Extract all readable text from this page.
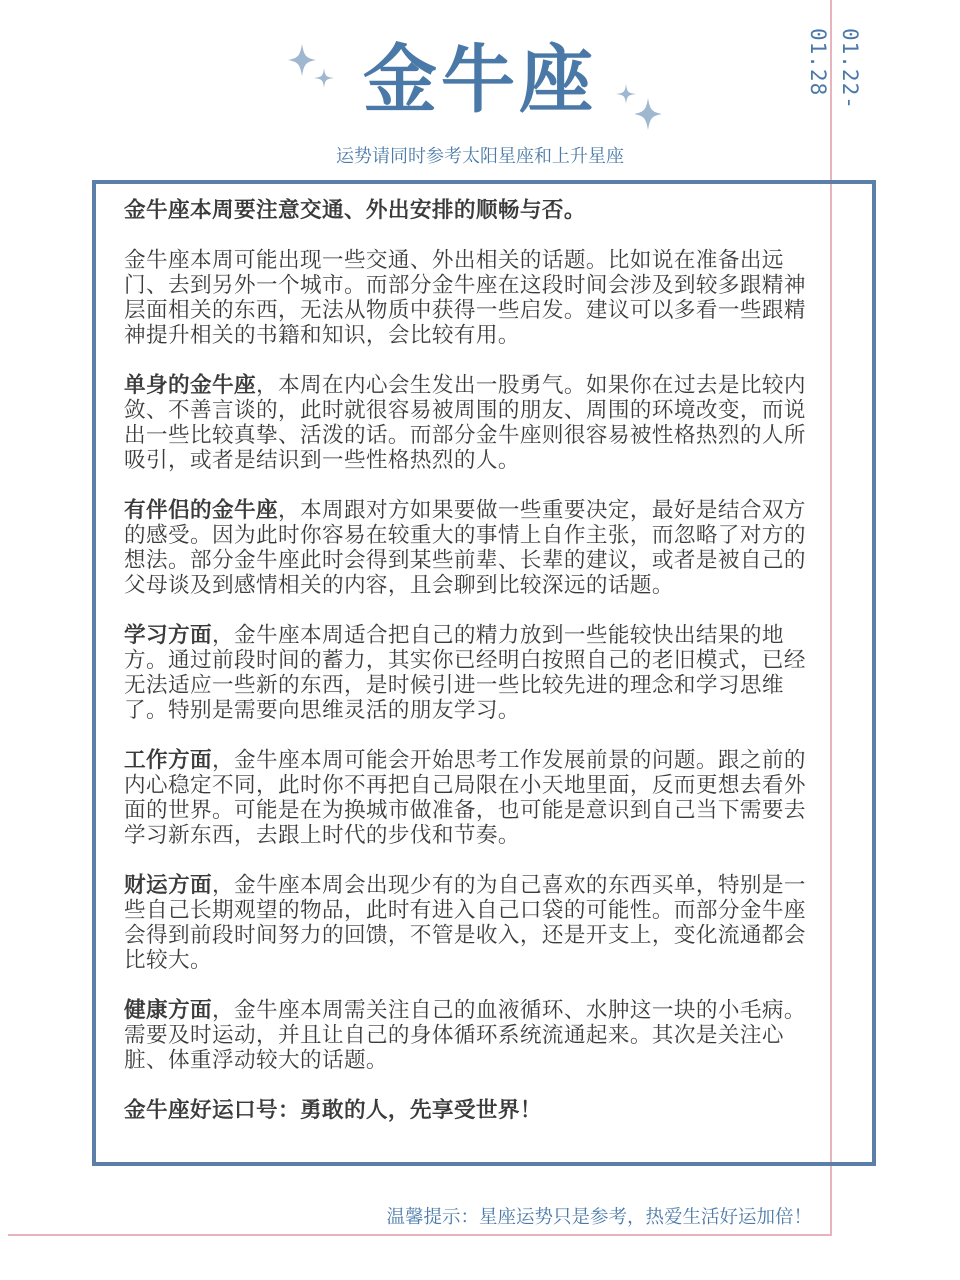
金牛座
运势请同时参考太阳星座和上升星座
01.22-01.28

金牛座本周要注意交通、外出安排的顺畅与否。

金牛座本周可能出现一些交通、外出相关的话题。比如说在准备出远门、去到另外一个城市。而部分金牛座在这段时间会涉及到较多跟精神层面相关的东西，无法从物质中获得一些启发。建议可以多看一些跟精神提升相关的书籍和知识，会比较有用。

单身的金牛座，本周在内心会生发出一股勇气。如果你在过去是比较内敛、不善言谈的，此时就很容易被周围的朋友、周围的环境改变，而说出一些比较真挚、活泼的话。而部分金牛座则很容易被性格热烈的人所吸引，或者是结识到一些性格热烈的人。

有伴侣的金牛座，本周跟对方如果要做一些重要决定，最好是结合双方的感受。因为此时你容易在较重大的事情上自作主张，而忽略了对方的想法。部分金牛座此时会得到某些前辈、长辈的建议，或者是被自己的父母谈及到感情相关的内容，且会聊到比较深远的话题。

学习方面，金牛座本周适合把自己的精力放到一些能较快出结果的地方。通过前段时间的蓄力，其实你已经明白按照自己的老旧模式，已经无法适应一些新的东西，是时候引进一些比较先进的理念和学习思维了。特别是需要向思维灵活的朋友学习。

工作方面，金牛座本周可能会开始思考工作发展前景的问题。跟之前的内心稳定不同，此时你不再把自己局限在小天地里面，反而更想去看外面的世界。可能是在为换城市做准备，也可能是意识到自己当下需要去学习新东西，去跟上时代的步伐和节奏。

财运方面，金牛座本周会出现少有的为自己喜欢的东西买单，特别是一些自己长期观望的物品，此时有进入自己口袋的可能性。而部分金牛座会得到前段时间努力的回馈，不管是收入，还是开支上，变化流通都会比较大。

健康方面，金牛座本周需关注自己的血液循环、水肿这一块的小毛病。需要及时运动，并且让自己的身体循环系统流通起来。其次是关注心脏、体重浮动较大的话题。

金牛座好运口号：勇敢的人，先享受世界！

温馨提示：星座运势只是参考，热爱生活好运加倍！
